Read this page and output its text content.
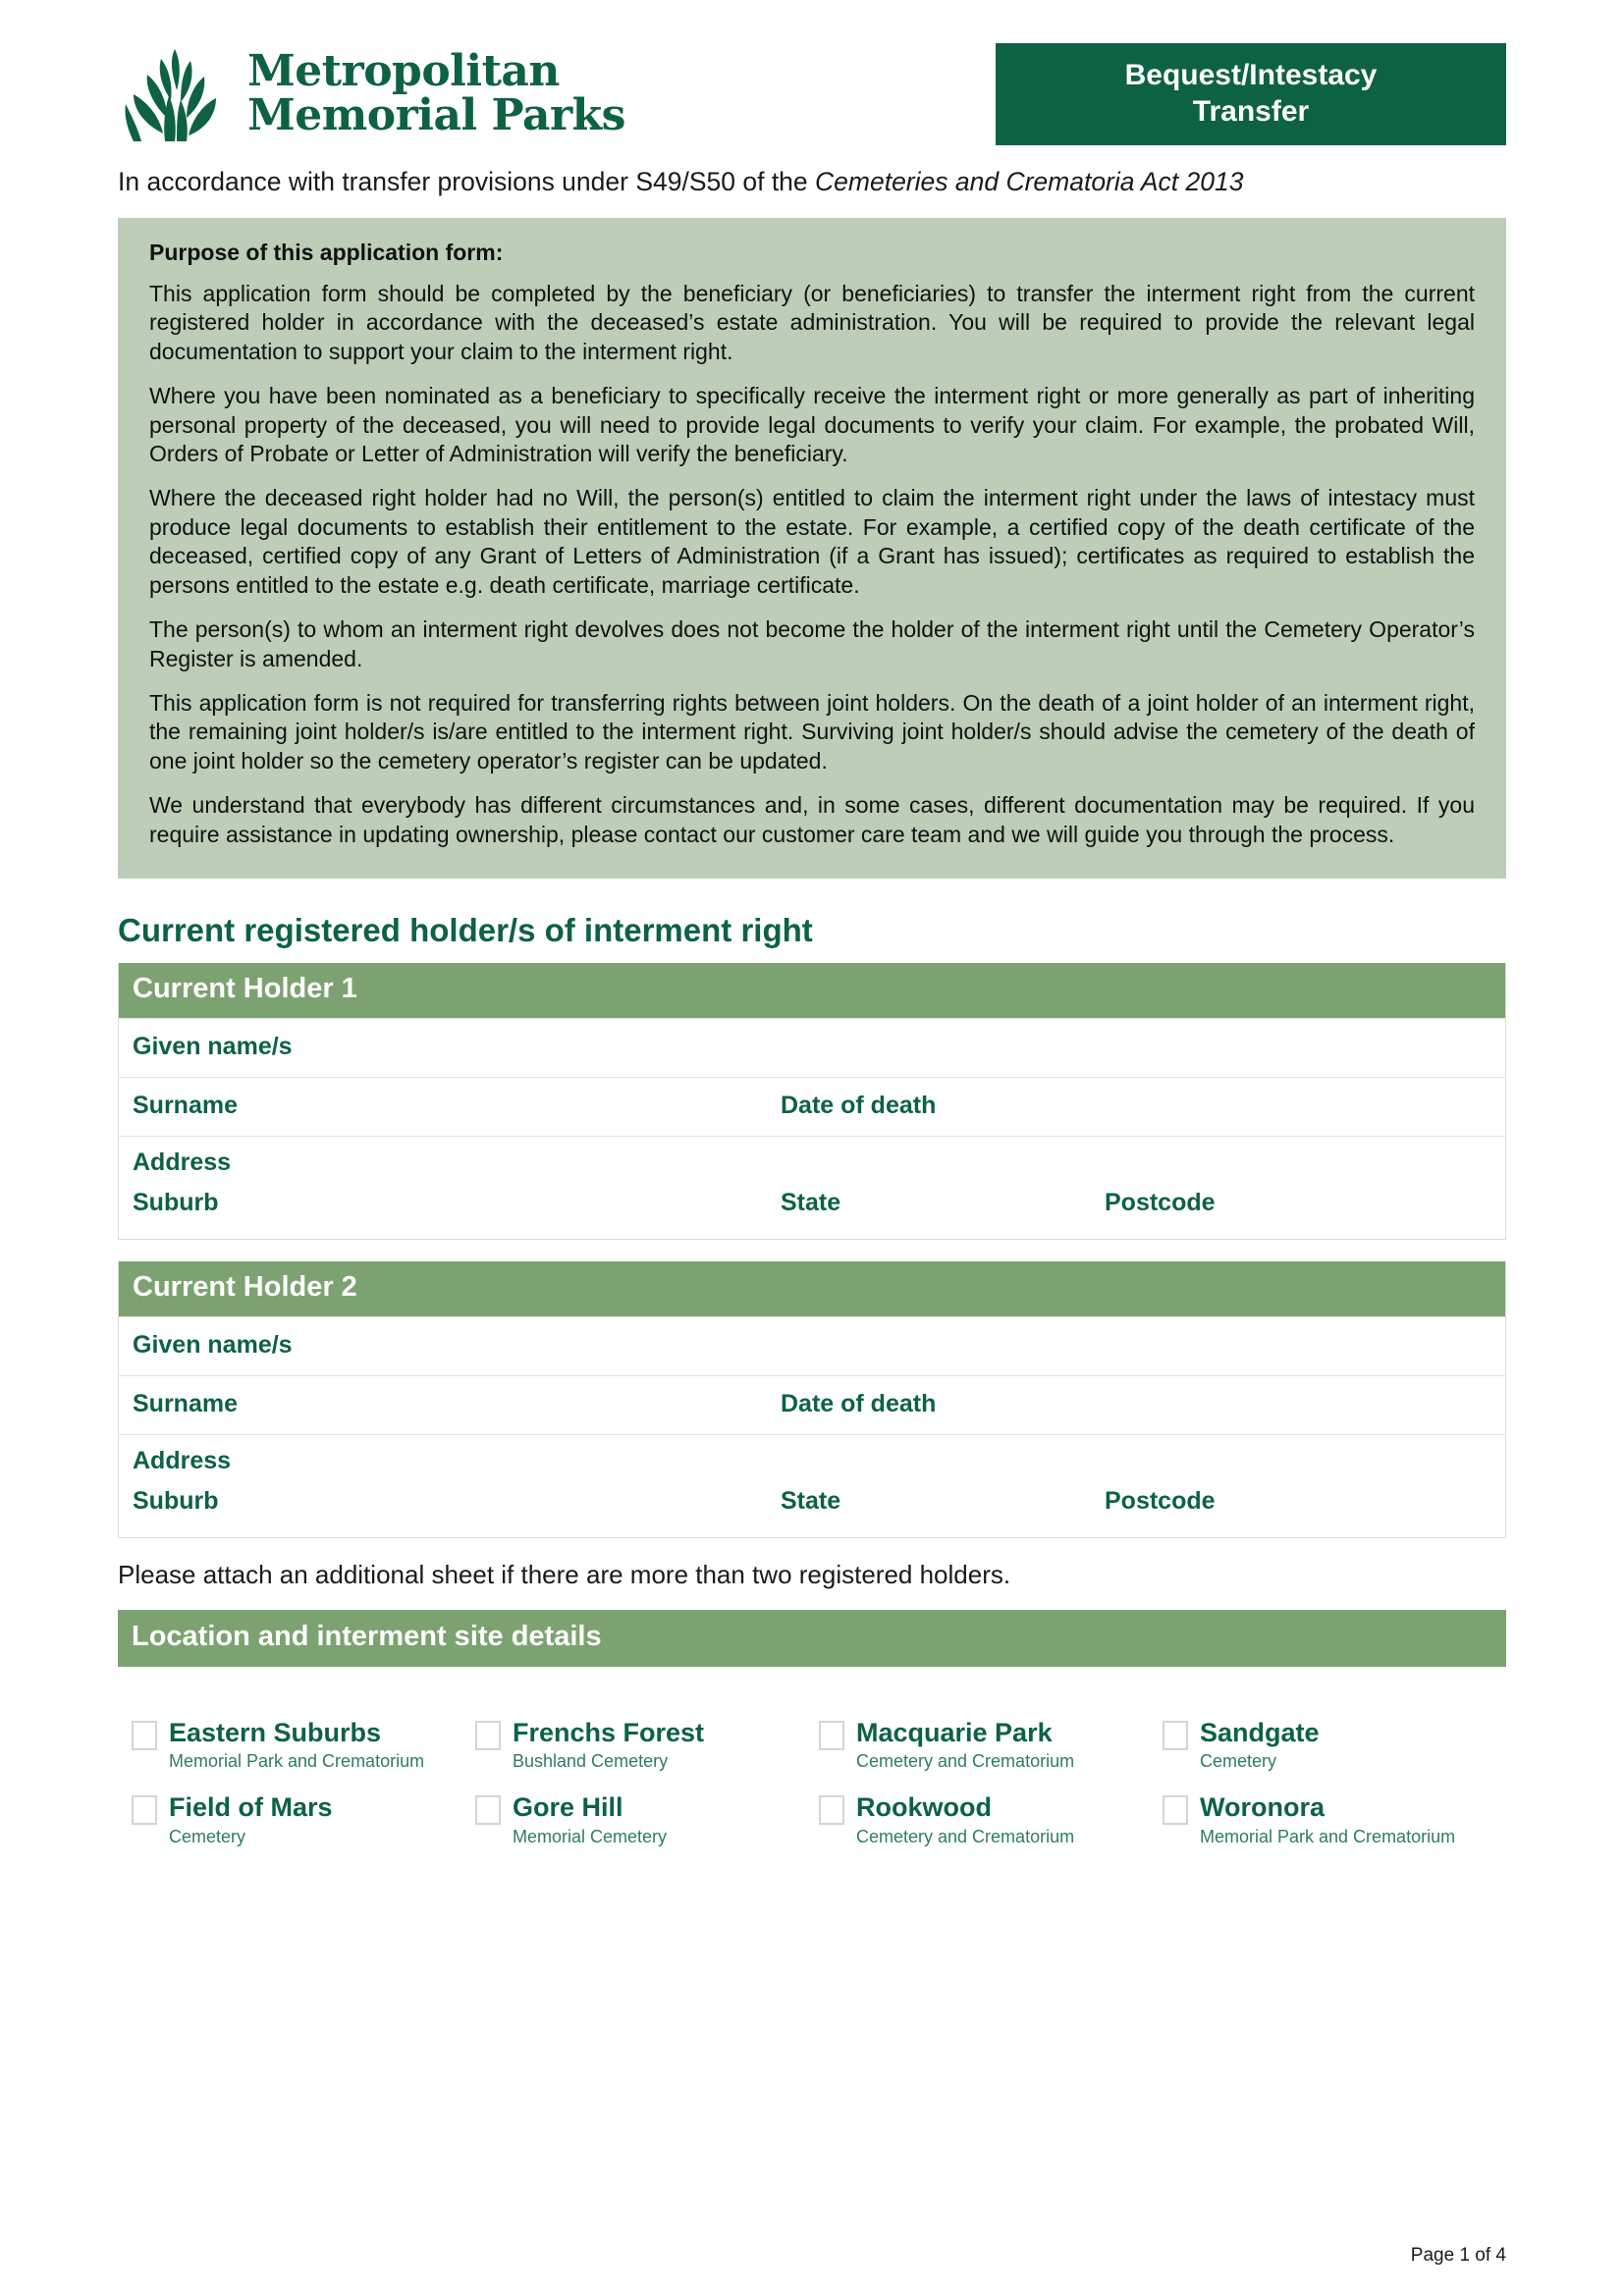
Metropolitan
Memorial Parks
Bequest/Intestacy
Transfer
In accordance with transfer provisions under S49/S50 of the Cemeteries and Crematoria Act 2013
Purpose of this application form:

This application form should be completed by the beneficiary (or beneficiaries) to transfer the interment right from the current registered holder in accordance with the deceased’s estate administration. You will be required to provide the relevant legal documentation to support your claim to the interment right.

Where you have been nominated as a beneficiary to specifically receive the interment right or more generally as part of inheriting personal property of the deceased, you will need to provide legal documents to verify your claim. For example, the probated Will, Orders of Probate or Letter of Administration will verify the beneficiary.

Where the deceased right holder had no Will, the person(s) entitled to claim the interment right under the laws of intestacy must produce legal documents to establish their entitlement to the estate. For example, a certified copy of the death certificate of the deceased, certified copy of any Grant of Letters of Administration (if a Grant has issued); certificates as required to establish the persons entitled to the estate e.g. death certificate, marriage certificate.

The person(s) to whom an interment right devolves does not become the holder of the interment right until the Cemetery Operator’s Register is amended.

This application form is not required for transferring rights between joint holders. On the death of a joint holder of an interment right, the remaining joint holder/s is/are entitled to the interment right. Surviving joint holder/s should advise the cemetery of the death of one joint holder so the cemetery operator’s register can be updated.

We understand that everybody has different circumstances and, in some cases, different documentation may be required. If you require assistance in updating ownership, please contact our customer care team and we will guide you through the process.

Current registered holder/s of interment right
Current Holder 1
Given name/s
Surname	Date of death
Address
Suburb	State	Postcode
Current Holder 2
Given name/s
Surname	Date of death
Address
Suburb	State	Postcode
Please attach an additional sheet if there are more than two registered holders.
Location and interment site details
Eastern Suburbs
Memorial Park and Crematorium
Frenchs Forest
Bushland Cemetery
Macquarie Park
Cemetery and Crematorium
Sandgate
Cemetery
Field of Mars
Cemetery
Gore Hill
Memorial Cemetery
Rookwood
Cemetery and Crematorium
Woronora
Memorial Park and Crematorium
Page 1 of 4
